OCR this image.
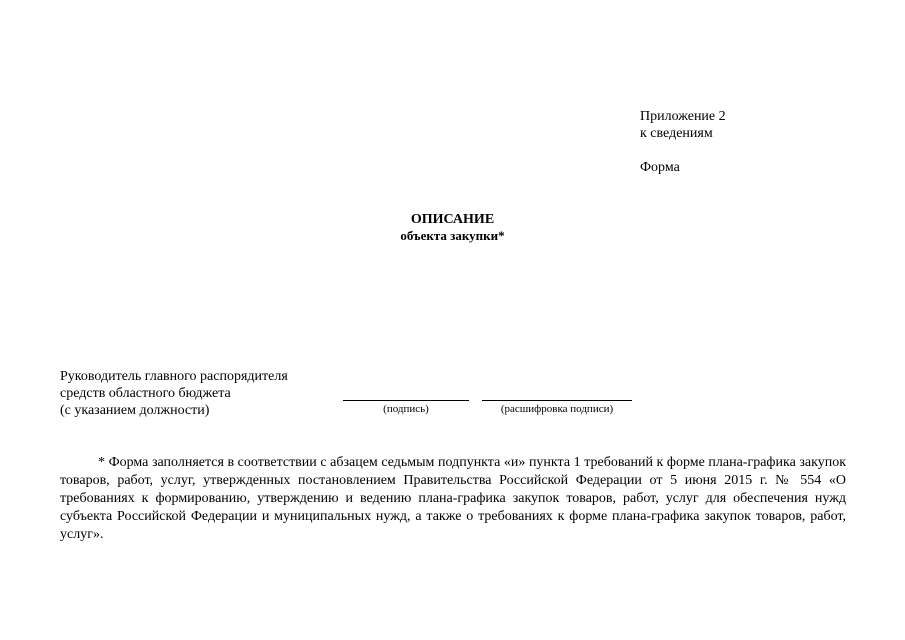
Приложение 2
к сведениям
Форма
ОПИСАНИЕ
объекта закупки*
Руководитель главного распорядителя
средств областного бюджета
(с указанием должности)	(подпись)	(расшифровка подписи)
* Форма заполняется в соответствии с абзацем седьмым подпункта «и» пункта 1 требований к форме плана-графика закупок товаров, работ, услуг, утвержденных постановлением Правительства Российской Федерации от 5 июня 2015 г. № 554 «О требованиях к формированию, утверждению и ведению плана-графика закупок товаров, работ, услуг для обеспечения нужд субъекта Российской Федерации и муниципальных нужд, а также о требованиях к форме плана-графика закупок товаров, работ, услуг».
